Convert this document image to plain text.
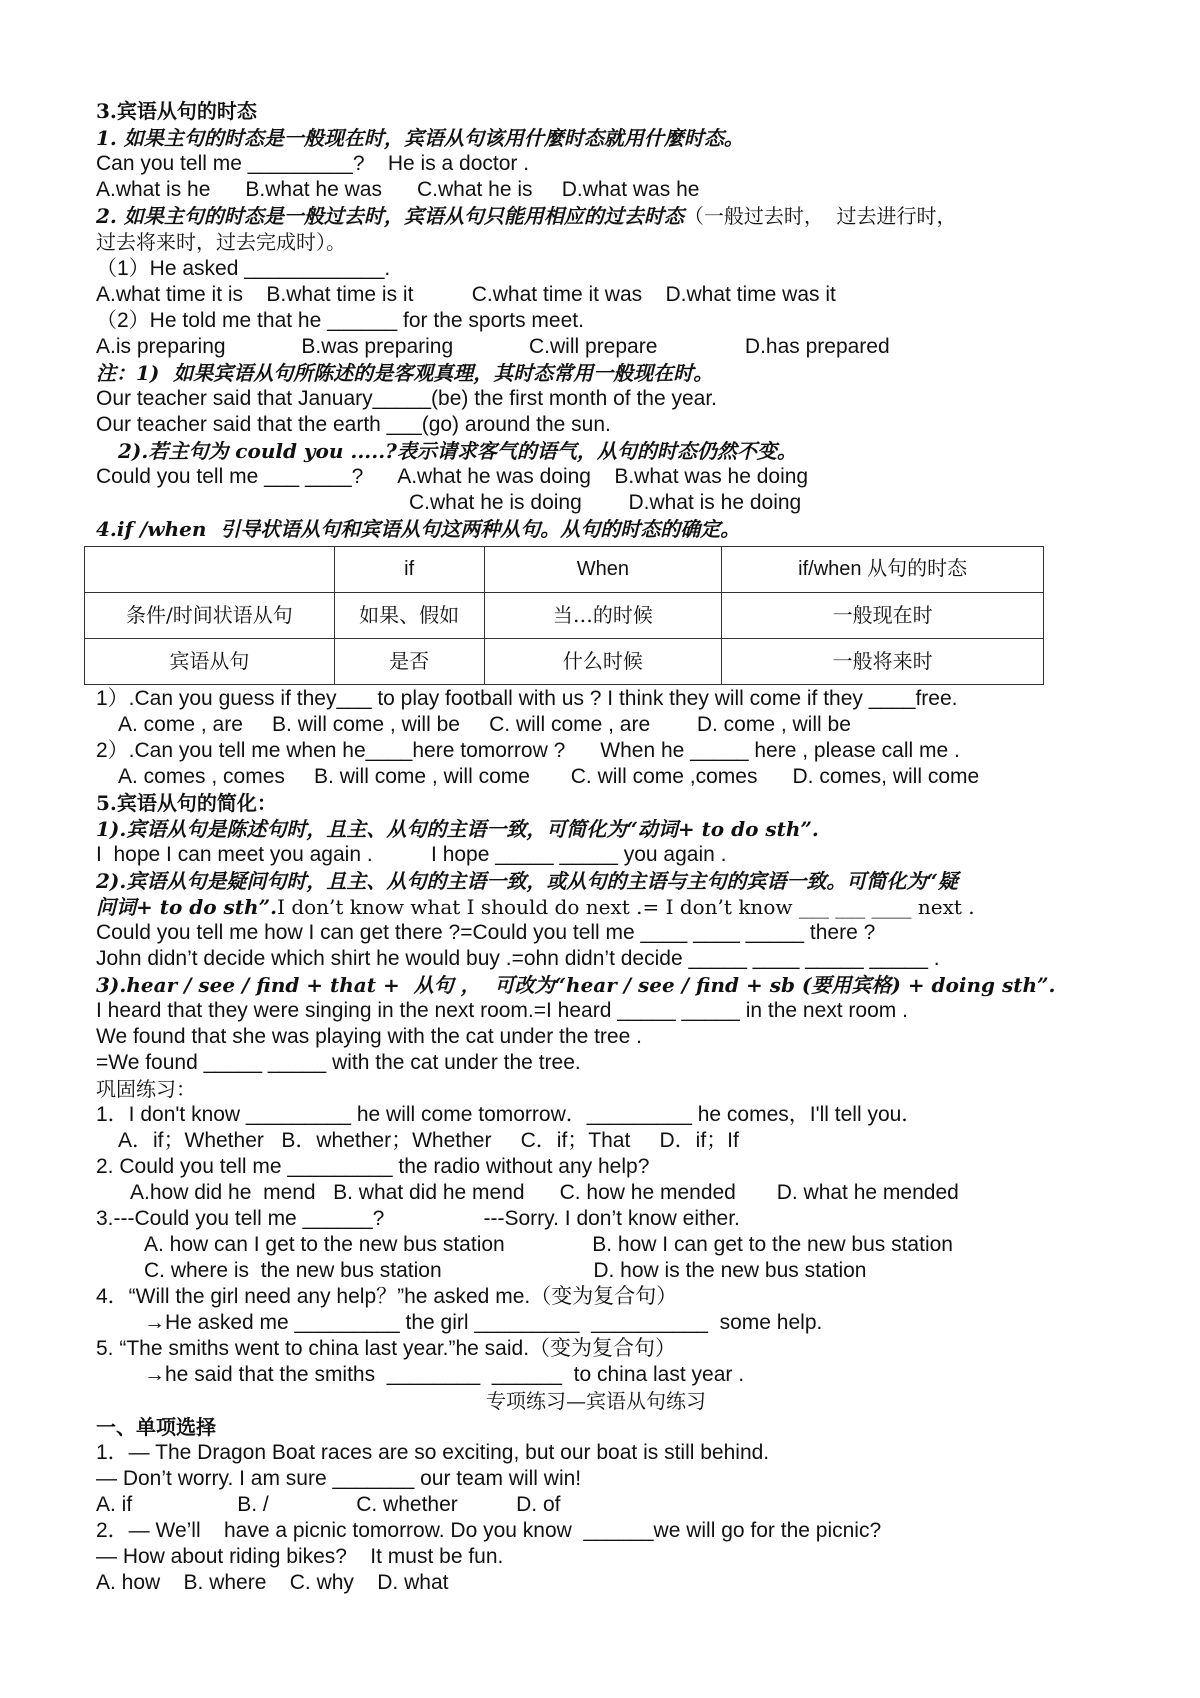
3.宾语从句的时态
1. 如果主句的时态是一般现在时，宾语从句该用什麼时态就用什麼时态。
Can you tell me _________?    He is a doctor .
A.what is he      B.what he was      C.what he is     D.what was he
2. 如果主句的时态是一般过去时，宾语从句只能用相应的过去时态（一般过去时，  过去进行时，
过去将来时，过去完成时）。
（1）He asked ____________.
A.what time it is    B.what time is it          C.what time it was    D.what time was it
（2）He told me that he ______ for the sports meet.
A.is preparing             B.was preparing             C.will prepare               D.has prepared
注：1)  如果宾语从句所陈述的是客观真理，其时态常用一般现在时。
Our teacher said that January_____(be) the first month of the year.
Our teacher said that the earth ___(go) around the sun.
2).若主句为 could you .....?表示请求客气的语气，从句的时态仍然不变。
Could you tell me ___ ____?      A.what he was doing    B.what was he doing
C.what he is doing        D.what is he doing
4.if /when  引导状语从句和宾语从句这两种从句。从句的时态的确定。
1）.Can you guess if they___ to play football with us ? I think they will come if they ____free.
A. come , are     B. will come , will be     C. will come , are        D. come , will be
2）.Can you tell me when he____here tomorrow ?      When he _____ here , please call me .
A. comes , comes     B. will come , will come       C. will come ,comes      D. comes, will come
5.宾语从句的简化：
1).宾语从句是陈述句时，且主、从句的主语一致，可简化为“动词+ to do sth”.
I  hope I can meet you again .          I hope _____ _____ you again .
2).宾语从句是疑问句时，且主、从句的主语一致，或从句的主语与主句的宾语一致。可简化为“疑
问词+ to do sth”.I don’t know what I should do next .= I don’t know ___ ___ ____ next .
Could you tell me how I can get there ?=Could you tell me ____ ____ _____ there ?
John didn’t decide which shirt he would buy .=ohn didn’t decide _____ ____ _____ _____ .
3).hear / see / find + that +  从句 ，  可改为“hear / see / find + sb (要用宾格) + doing sth”.
I heard that they were singing in the next room.=I heard _____ _____ in the next room .
We found that she was playing with the cat under the tree .
=We found _____ _____ with the cat under the tree.
巩固练习：
1．I don't know _________ he will come tomorrow．_________ he comes，I'll tell you．
A．if；Whether   B．whether；Whether     C．if；That     D．if；If
2. Could you tell me _________ the radio without any help?
A.how did he  mend   B. what did he mend      C. how he mended       D. what he mended
3.---Could you tell me ______?                 ---Sorry. I don’t know either.
A. how can I get to the new bus station               B. how I can get to the new bus station
C. where is  the new bus station                          D. how is the new bus station
4．“Will the girl need any help？”he asked me.（变为复合句）
→He asked me _________ the girl _________  __________  some help.
5. “The smiths went to china last year.”he said.（变为复合句）
→he said that the smiths  ________  ______  to china last year .
专项练习—宾语从句练习
一、单项选择
1．— The Dragon Boat races are so exciting, but our boat is still behind.
— Don’t worry. I am sure _______ our team will win!
A. if                  B. /               C. whether          D. of
2．— We’ll    have a picnic tomorrow. Do you know  ______we will go for the picnic?
— How about riding bikes?    It must be fun.
A. how    B. where    C. why    D. what
	if	When	if/when 从句的时态
条件/时间状语从句	如果、假如	当…的时候	一般现在时
宾语从句	是否	什么时候	一般将来时
